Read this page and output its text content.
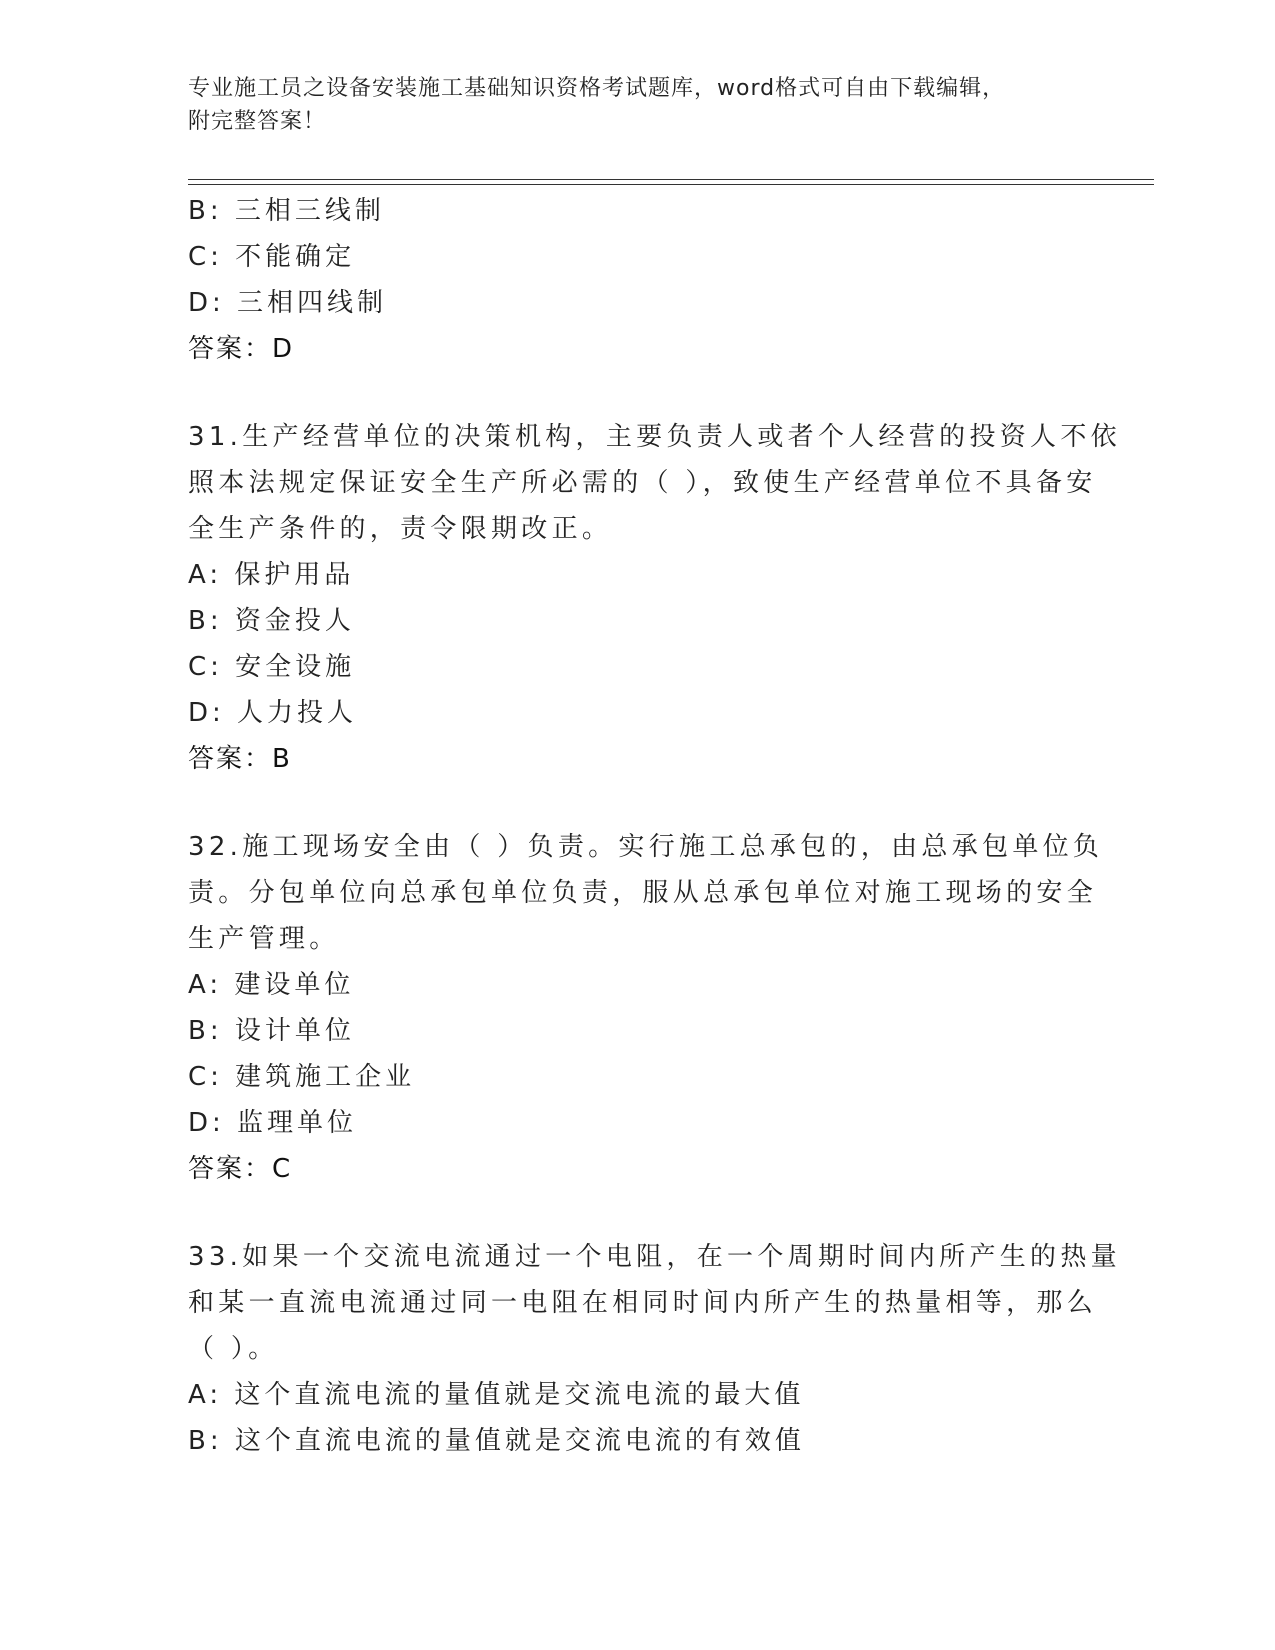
专业施工员之设备安装施工基础知识资格考试题库，word格式可自由下载编辑，
附完整答案！
B: 三相三线制
C: 不能确定
D: 三相四线制
答案：D
31.生产经营单位的决策机构，主要负责人或者个人经营的投资人不依
照本法规定保证安全生产所必需的（ ），致使生产经营单位不具备安
全生产条件的，责令限期改正。
A: 保护用品
B: 资金投人
C: 安全设施
D: 人力投人
答案：B
32.施工现场安全由（ ）负责。实行施工总承包的，由总承包单位负
责。分包单位向总承包单位负责，服从总承包单位对施工现场的安全
生产管理。
A: 建设单位
B: 设计单位
C: 建筑施工企业
D: 监理单位
答案：C
33.如果一个交流电流通过一个电阻，在一个周期时间内所产生的热量
和某一直流电流通过同一电阻在相同时间内所产生的热量相等，那么
（ ）。
A: 这个直流电流的量值就是交流电流的最大值
B: 这个直流电流的量值就是交流电流的有效值
